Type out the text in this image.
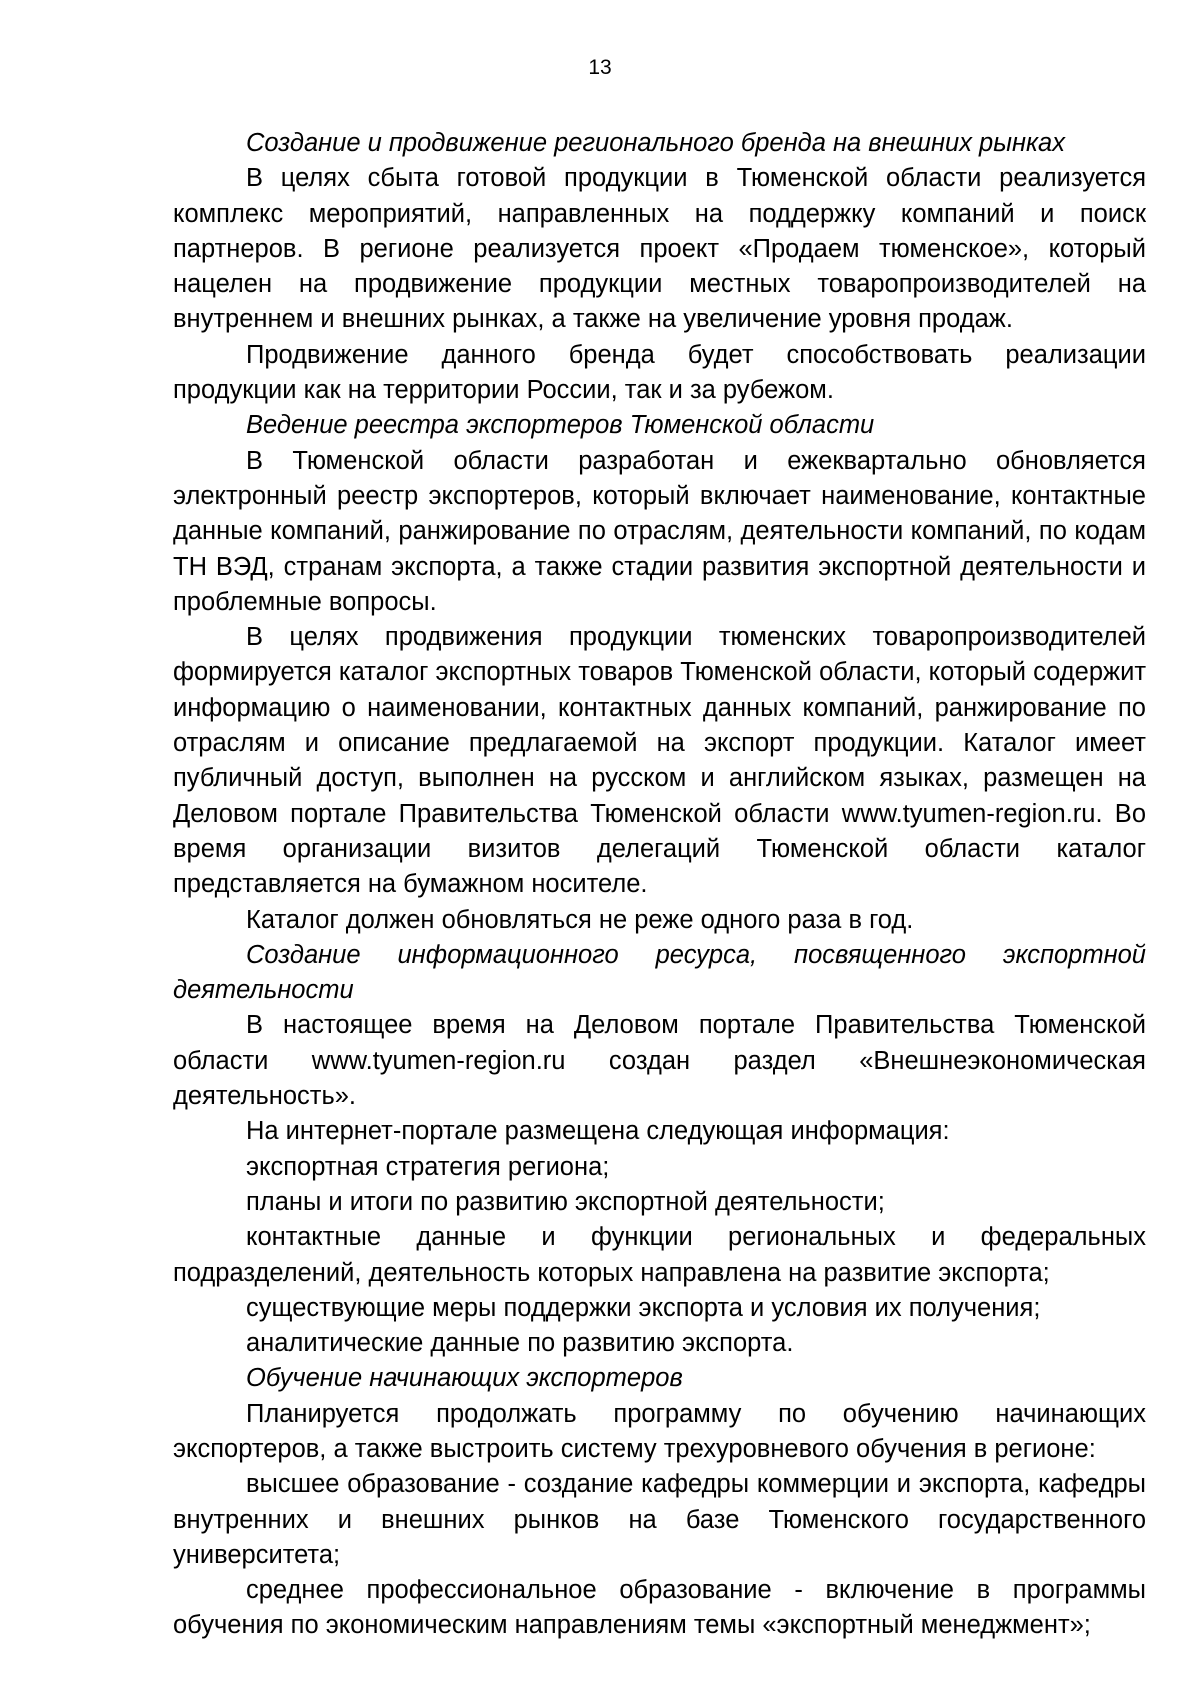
13

Создание и продвижение регионального бренда на внешних рынках

В целях сбыта готовой продукции в Тюменской области реализуется комплекс мероприятий, направленных на поддержку компаний и поиск партнеров. В регионе реализуется проект «Продаем тюменское», который нацелен на продвижение продукции местных товаропроизводителей на внутреннем и внешних рынках, а также на увеличение уровня продаж.

Продвижение данного бренда будет способствовать реализации продукции как на территории России, так и за рубежом.

Ведение реестра экспортеров Тюменской области

В Тюменской области разработан и ежеквартально обновляется электронный реестр экспортеров, который включает наименование, контактные данные компаний, ранжирование по отраслям, деятельности компаний, по кодам ТН ВЭД, странам экспорта, а также стадии развития экспортной деятельности и проблемные вопросы.

В целях продвижения продукции тюменских товаропроизводителей формируется каталог экспортных товаров Тюменской области, который содержит информацию о наименовании, контактных данных компаний, ранжирование по отраслям и описание предлагаемой на экспорт продукции. Каталог имеет публичный доступ, выполнен на русском и английском языках, размещен на Деловом портале Правительства Тюменской области www.tyumen-region.ru. Во время организации визитов делегаций Тюменской области каталог представляется на бумажном носителе.

Каталог должен обновляться не реже одного раза в год.

Создание информационного ресурса, посвященного экспортной деятельности

В настоящее время на Деловом портале Правительства Тюменской области www.tyumen-region.ru создан раздел «Внешнеэкономическая деятельность».

На интернет-портале размещена следующая информация:

экспортная стратегия региона;

планы и итоги по развитию экспортной деятельности;

контактные данные и функции региональных и федеральных подразделений, деятельность которых направлена на развитие экспорта;

существующие меры поддержки экспорта и условия их получения;

аналитические данные по развитию экспорта.

Обучение начинающих экспортеров

Планируется продолжать программу по обучению начинающих экспортеров, а также выстроить систему трехуровневого обучения в регионе:

высшее образование - создание кафедры коммерции и экспорта, кафедры внутренних и внешних рынков на базе Тюменского государственного университета;

среднее профессиональное образование - включение в программы обучения по экономическим направлениям темы «экспортный менеджмент»;
